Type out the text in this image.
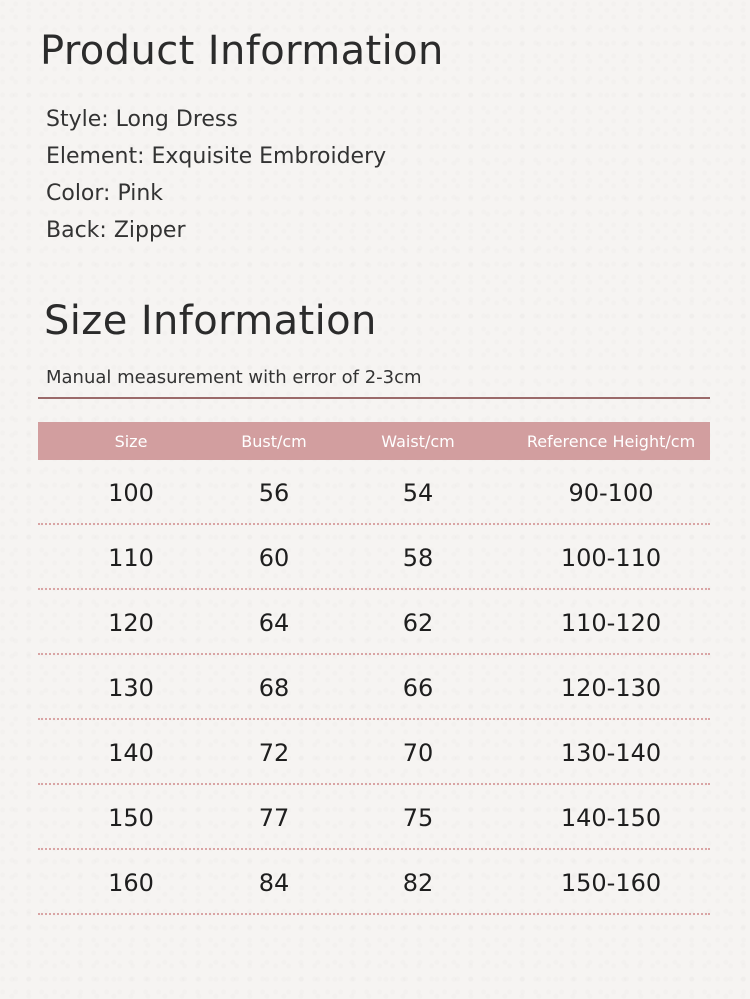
Product Information
Style: Long Dress
Element: Exquisite Embroidery
Color: Pink
Back: Zipper
Size Information
Manual measurement with error of 2-3cm
Size	Bust/cm	Waist/cm	Reference Height/cm
100	56	54	90-100
110	60	58	100-110
120	64	62	110-120
130	68	66	120-130
140	72	70	130-140
150	77	75	140-150
160	84	82	150-160
